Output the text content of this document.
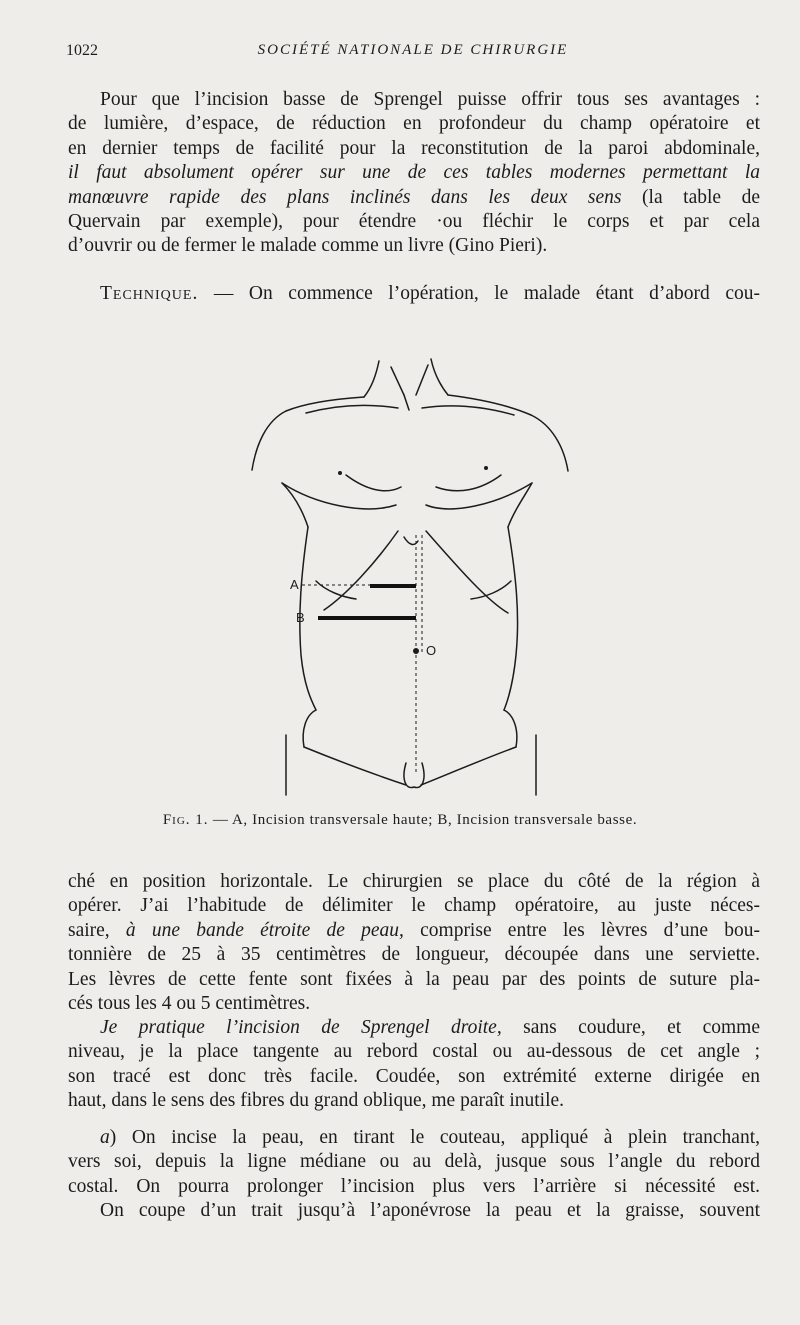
1022	SOCIÉTÉ NATIONALE DE CHIRURGIE
Pour que l’incision basse de Sprengel puisse offrir tous ses avantages :
de lumière, d’espace, de réduction en profondeur du champ opératoire et
en dernier temps de facilité pour la reconstitution de la paroi abdominale,
il faut absolument opérer sur une de ces tables modernes permettant la
manœuvre rapide des plans inclinés dans les deux sens (la table de
Quervain par exemple), pour étendre ·ou fléchir le corps et par cela
d’ouvrir ou de fermer le malade comme un livre (Gino Pieri).
Technique. — On commence l’opération, le malade étant d’abord cou-
A
B
O
Fig. 1. — A, Incision transversale haute; B, Incision transversale basse.
ché en position horizontale. Le chirurgien se place du côté de la région à
opérer. J’ai l’habitude de délimiter le champ opératoire, au juste néces-
saire, à une bande étroite de peau, comprise entre les lèvres d’une bou-
tonnière de 25 à 35 centimètres de longueur, découpée dans une serviette.
Les lèvres de cette fente sont fixées à la peau par des points de suture pla-
cés tous les 4 ou 5 centimètres.
Je pratique l’incision de Sprengel droite, sans coudure, et comme
niveau, je la place tangente au rebord costal ou au-dessous de cet angle ;
son tracé est donc très facile. Coudée, son extrémité externe dirigée en
haut, dans le sens des fibres du grand oblique, me paraît inutile.
a) On incise la peau, en tirant le couteau, appliqué à plein tranchant,
vers soi, depuis la ligne médiane ou au delà, jusque sous l’angle du rebord
costal. On pourra prolonger l’incision plus vers l’arrière si nécessité est.
On coupe d’un trait jusqu’à l’aponévrose la peau et la graisse, souvent
